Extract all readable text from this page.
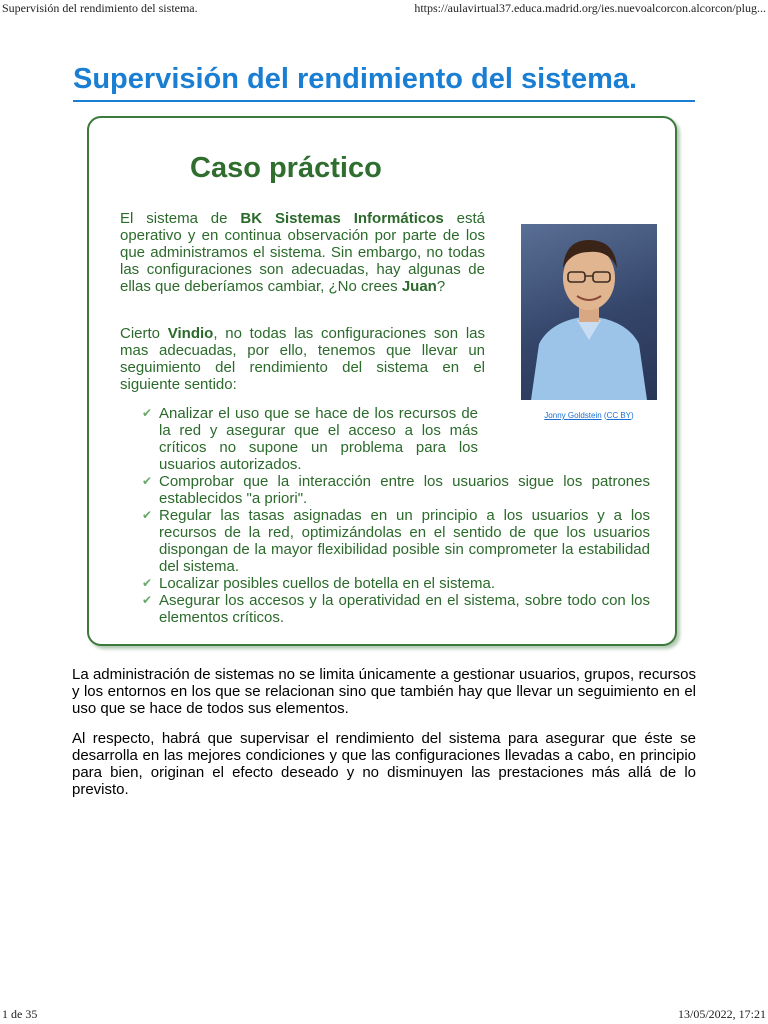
Supervisión del rendimiento del sistema.	https://aulavirtual37.educa.madrid.org/ies.nuevoalcorcon.alcorcon/plug...
Supervisión del rendimiento del sistema.
Caso práctico

El sistema de BK Sistemas Informáticos está operativo y en continua observación por parte de los que administramos el sistema. Sin embargo, no todas las configuraciones son adecuadas, hay algunas de ellas que deberíamos cambiar, ¿No crees Juan?

Cierto Vindio, no todas las configuraciones son las mas adecuadas, por ello, tenemos que llevar un seguimiento del rendimiento del sistema en el siguiente sentido:

Jonny Goldstein (CC BY)
✔ Analizar el uso que se hace de los recursos de la red y asegurar que el acceso a los más críticos no supone un problema para los usuarios autorizados.
✔ Comprobar que la interacción entre los usuarios sigue los patrones establecidos "a priori".
✔ Regular las tasas asignadas en un principio a los usuarios y a los recursos de la red, optimizándolas en el sentido de que los usuarios dispongan de la mayor flexibilidad posible sin comprometer la estabilidad del sistema.
✔ Localizar posibles cuellos de botella en el sistema.
✔ Asegurar los accesos y la operatividad en el sistema, sobre todo con los elementos críticos.

La administración de sistemas no se limita únicamente a gestionar usuarios, grupos, recursos y los entornos en los que se relacionan sino que también hay que llevar un seguimiento en el uso que se hace de todos sus elementos.

Al respecto, habrá que supervisar el rendimiento del sistema para asegurar que éste se desarrolla en las mejores condiciones y que las configuraciones llevadas a cabo, en principio para bien, originan el efecto deseado y no disminuyen las prestaciones más allá de lo previsto.

1 de 35	13/05/2022, 17:21
